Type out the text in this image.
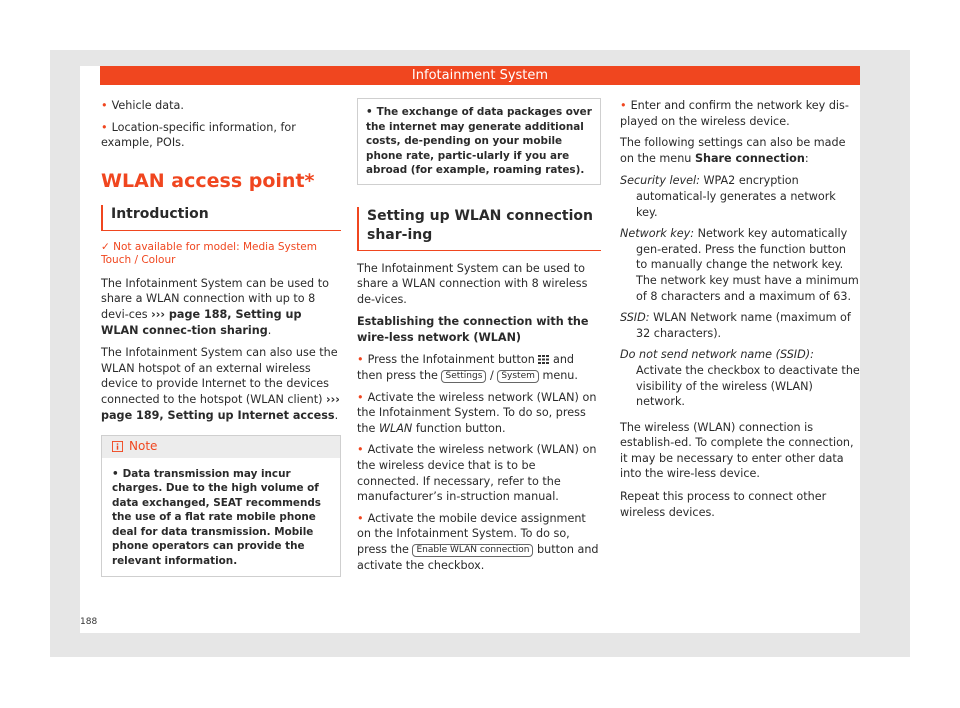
Infotainment System
• Vehicle data.
• Location-specific information, for example, POIs.
WLAN access point*
Introduction
✓ Not available for model: Media System Touch / Colour

The Infotainment System can be used to share a WLAN connection with up to 8 devi-ces ››› page 188, Setting up WLAN connec-tion sharing.

The Infotainment System can also use the WLAN hotspot of an external wireless device to provide Internet to the devices connected to the hotspot (WLAN client) ››› page 189, Setting up Internet access.

Note
• Data transmission may incur charges. Due to the high volume of data exchanged, SEAT recommends the use of a flat rate mobile phone deal for data transmission. Mobile phone operators can provide the relevant information.
• The exchange of data packages over the internet may generate additional costs, de-pending on your mobile phone rate, partic-ularly if you are abroad (for example, roaming rates).
Setting up WLAN connection shar-ing

The Infotainment System can be used to share a WLAN connection with 8 wireless de-vices.

Establishing the connection with the wire-less network (WLAN)

• Press the Infotainment button and then press the Settings / System menu.
• Activate the wireless network (WLAN) on the Infotainment System. To do so, press the WLAN function button.
• Activate the wireless network (WLAN) on the wireless device that is to be connected. If necessary, refer to the manufacturer’s in-struction manual.
• Activate the mobile device assignment on the Infotainment System. To do so, press the Enable WLAN connection button and activate the checkbox.
• Enter and confirm the network key dis-played on the wireless device.

The following settings can also be made on the menu Share connection:

Security level: WPA2 encryption automatical-ly generates a network key.
Network key: Network key automatically gen-erated. Press the function button to manually change the network key. The network key must have a minimum of 8 characters and a maximum of 63.
SSID: WLAN Network name (maximum of 32 characters).
Do not send network name (SSID): Activate the checkbox to deactivate the visibility of the wireless (WLAN) network.

The wireless (WLAN) connection is establish-ed. To complete the connection, it may be necessary to enter other data into the wire-less device.

Repeat this process to connect other wireless devices.

188
